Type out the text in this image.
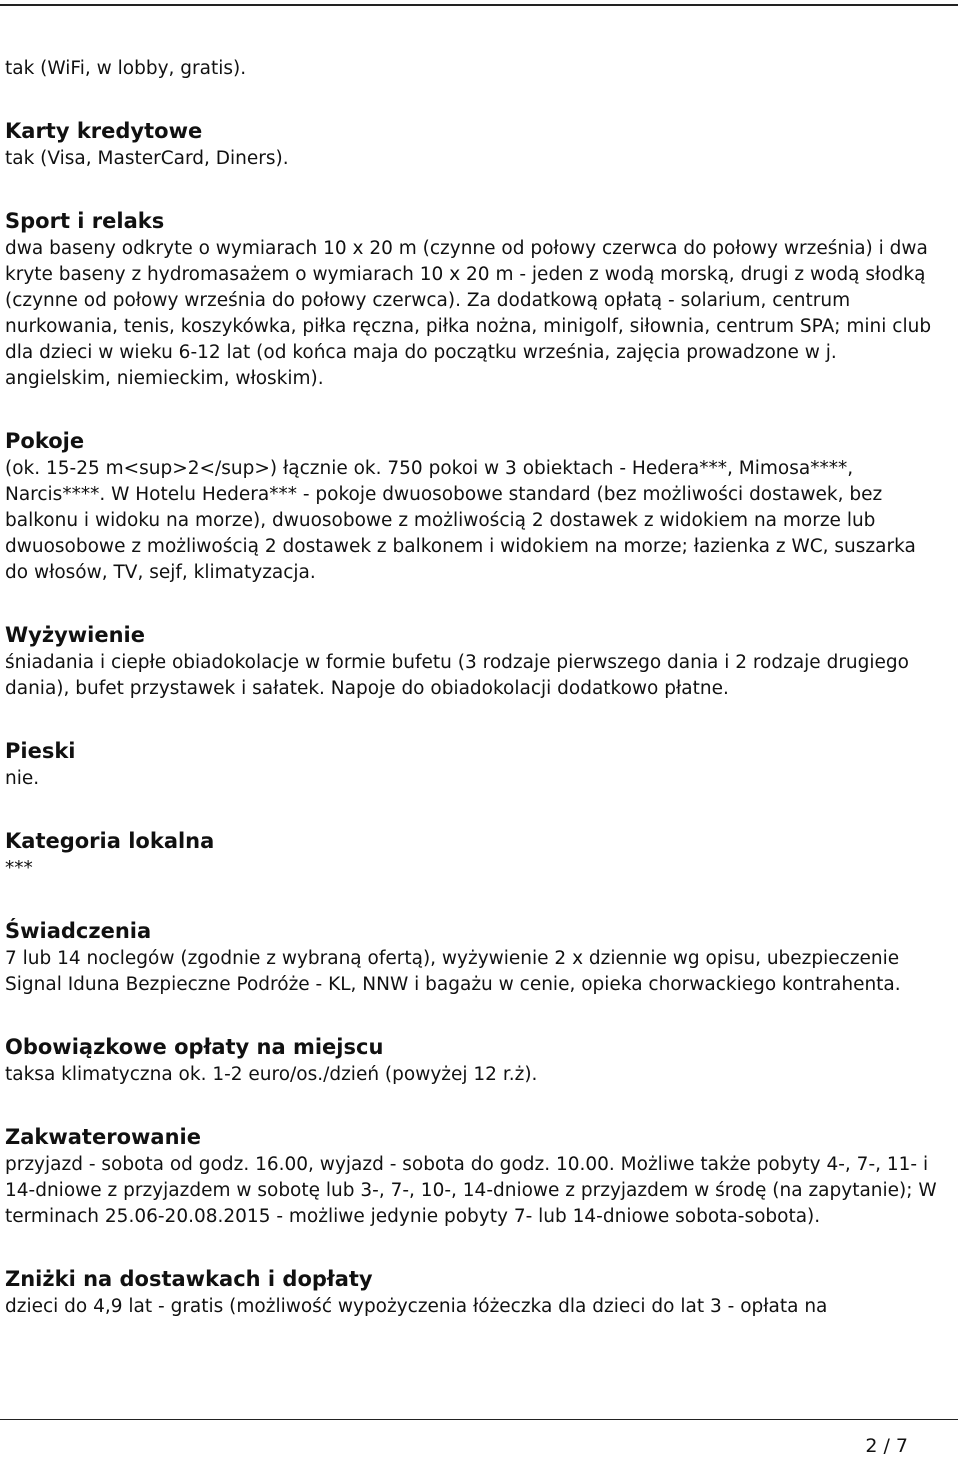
tak (WiFi, w lobby, gratis).

Karty kredytowe

tak (Visa, MasterCard, Diners).

Sport i relaks

dwa baseny odkryte o wymiarach 10 x 20 m (czynne od połowy czerwca do połowy września) i dwa kryte baseny z hydromasażem o wymiarach 10 x 20 m - jeden z wodą morską, drugi z wodą słodką (czynne od połowy września do połowy czerwca). Za dodatkową opłatą - solarium, centrum nurkowania, tenis, koszykówka, piłka ręczna, piłka nożna, minigolf, siłownia, centrum SPA; mini club dla dzieci w wieku 6-12 lat (od końca maja do początku września, zajęcia prowadzone w j. angielskim, niemieckim, włoskim).

Pokoje

(ok. 15-25 m<sup>2</sup>) łącznie ok. 750 pokoi w 3 obiektach - Hedera***, Mimosa****, Narcis****. W Hotelu Hedera*** - pokoje dwuosobowe standard (bez możliwości dostawek, bez balkonu i widoku na morze), dwuosobowe z możliwością 2 dostawek z widokiem na morze lub dwuosobowe z możliwością 2 dostawek z balkonem i widokiem na morze; łazienka z WC, suszarka do włosów, TV, sejf, klimatyzacja.

Wyżywienie

śniadania i ciepłe obiadokolacje w formie bufetu (3 rodzaje pierwszego dania i 2 rodzaje drugiego dania), bufet przystawek i sałatek. Napoje do obiadokolacji dodatkowo płatne.

Pieski

nie.

Kategoria lokalna

***

Świadczenia

7 lub 14 noclegów (zgodnie z wybraną ofertą), wyżywienie 2 x dziennie wg opisu, ubezpieczenie Signal Iduna Bezpieczne Podróże - KL, NNW i bagażu w cenie, opieka chorwackiego kontrahenta.

Obowiązkowe opłaty na miejscu

taksa klimatyczna ok. 1-2 euro/os./dzień (powyżej 12 r.ż).

Zakwaterowanie

przyjazd - sobota od godz. 16.00, wyjazd - sobota do godz. 10.00. Możliwe także pobyty 4-, 7-, 11- i 14-dniowe z przyjazdem w sobotę lub 3-, 7-, 10-, 14-dniowe z przyjazdem w środę (na zapytanie); W terminach 25.06-20.08.2015 - możliwe jedynie pobyty 7- lub 14-dniowe sobota-sobota).

Zniżki na dostawkach i dopłaty

dzieci do 4,9 lat - gratis (możliwość wypożyczenia łóżeczka dla dzieci do lat 3 - opłata na

2 / 7
